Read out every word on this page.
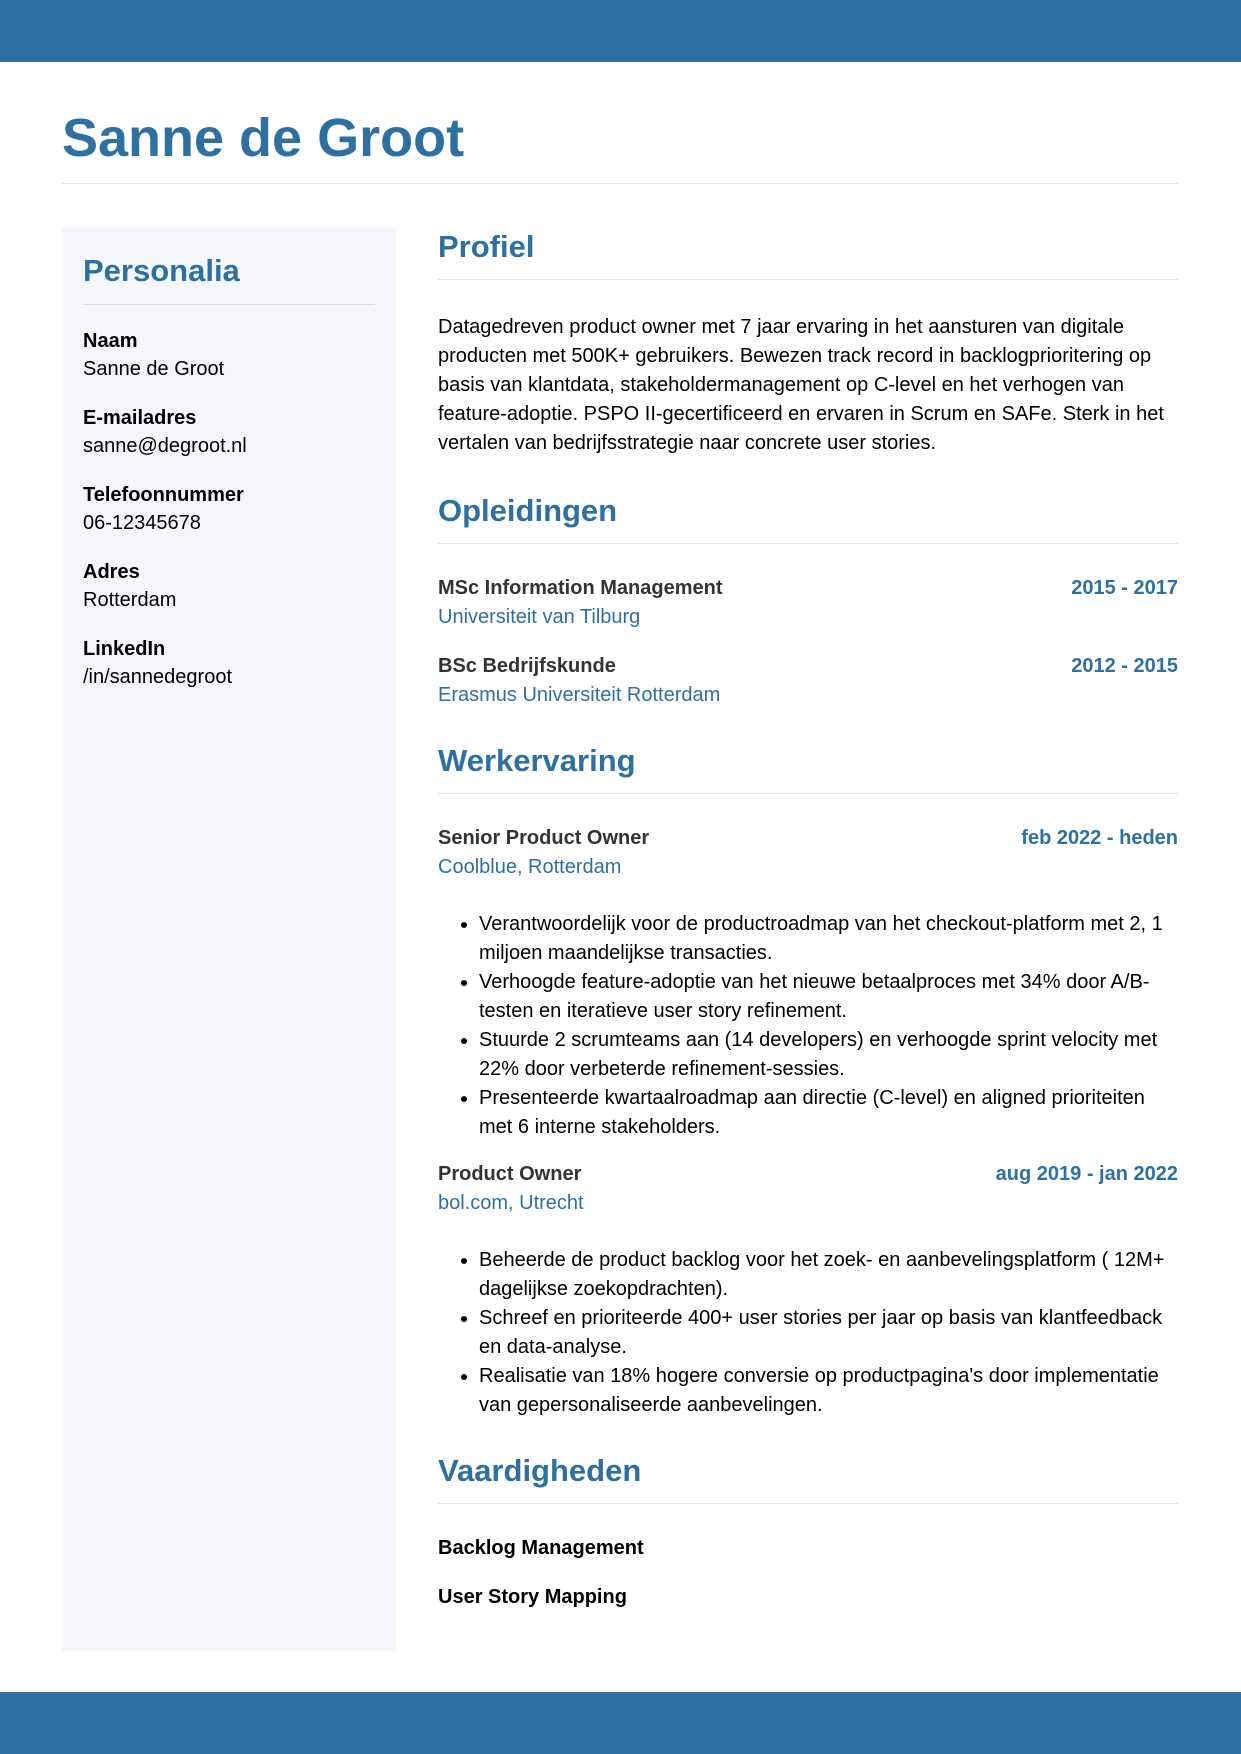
Sanne de Groot
Personalia
Naam
Sanne de Groot
E-mailadres
sanne@degroot.nl
Telefoonnummer
06-12345678
Adres
Rotterdam
LinkedIn
/in/sannedegroot
Profiel

Datagedreven product owner met 7 jaar ervaring in het aansturen van digitale producten met 500K+ gebruikers. Bewezen track record in backlogprioritering op basis van klantdata, stakeholdermanagement op C-level en het verhogen van feature-adoptie. PSPO II-gecertificeerd en ervaren in Scrum en SAFe. Sterk in het vertalen van bedrijfsstrategie naar concrete user stories.

Opleidingen
MSc Information Management	2015 - 2017
Universiteit van Tilburg
BSc Bedrijfskunde	2012 - 2015
Erasmus Universiteit Rotterdam
Werkervaring
Senior Product Owner	feb 2022 - heden
Coolblue, Rotterdam
• Verantwoordelijk voor de productroadmap van het checkout-platform met 2, 1 miljoen maandelijkse transacties.
• Verhoogde feature-adoptie van het nieuwe betaalproces met 34% door A/B-testen en iteratieve user story refinement.
• Stuurde 2 scrumteams aan (14 developers) en verhoogde sprint velocity met 22% door verbeterde refinement-sessies.
• Presenteerde kwartaalroadmap aan directie (C-level) en aligned prioriteiten met 6 interne stakeholders.
Product Owner	aug 2019 - jan 2022
bol.com, Utrecht
• Beheerde de product backlog voor het zoek- en aanbevelingsplatform ( 12M+ dagelijkse zoekopdrachten).
• Schreef en prioriteerde 400+ user stories per jaar op basis van klantfeedback en data-analyse.
• Realisatie van 18% hogere conversie op productpagina's door implementatie van gepersonaliseerde aanbevelingen.
Vaardigheden
Backlog Management
User Story Mapping
